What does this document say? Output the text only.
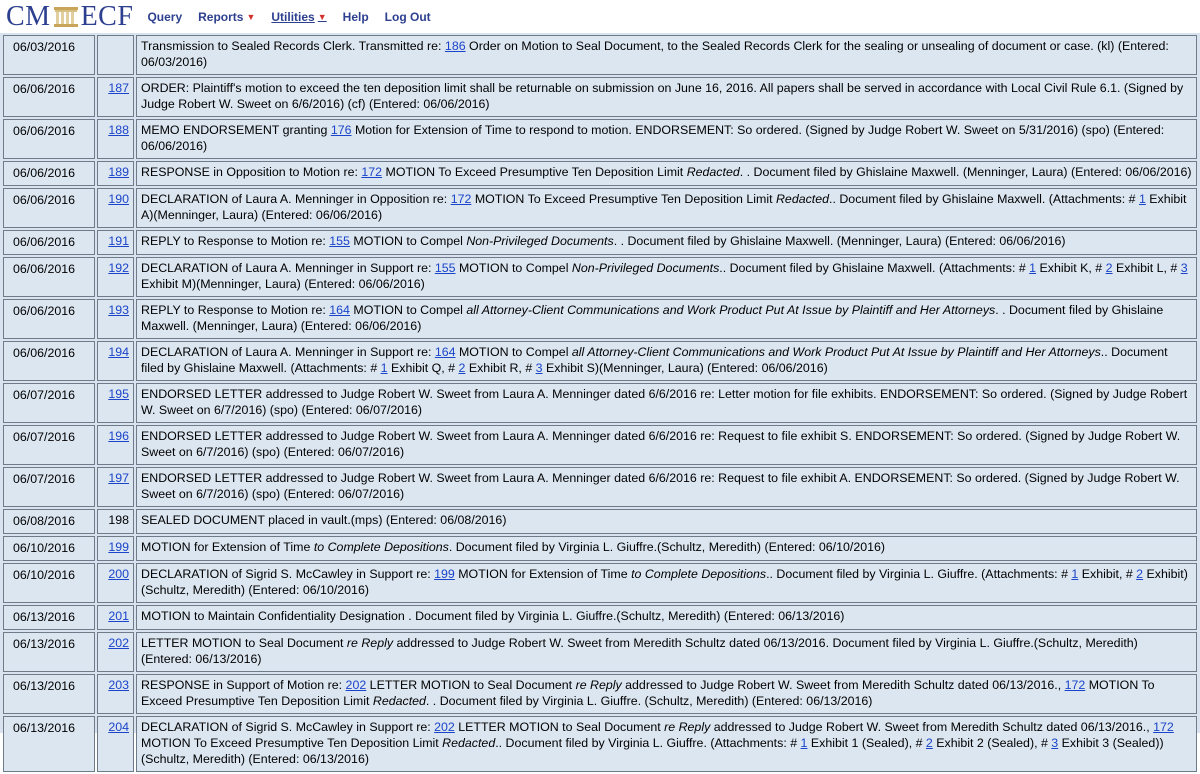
CM ECF Query Reports ▼ Utilities ▼ Help Log Out
06/03/2016		Transmission to Sealed Records Clerk. Transmitted re: 186 Order on Motion to Seal Document, to the Sealed Records Clerk for the sealing or unsealing of document or case. (kl) (Entered: 06/03/2016)
06/06/2016	187	ORDER: Plaintiff's motion to exceed the ten deposition limit shall be returnable on submission on June 16, 2016. All papers shall be served in accordance with Local Civil Rule 6.1. (Signed by Judge Robert W. Sweet on 6/6/2016) (cf) (Entered: 06/06/2016)
06/06/2016	188	MEMO ENDORSEMENT granting 176 Motion for Extension of Time to respond to motion. ENDORSEMENT: So ordered. (Signed by Judge Robert W. Sweet on 5/31/2016) (spo) (Entered: 06/06/2016)
06/06/2016	189	RESPONSE in Opposition to Motion re: 172 MOTION To Exceed Presumptive Ten Deposition Limit Redacted. . Document filed by Ghislaine Maxwell. (Menninger, Laura) (Entered: 06/06/2016)
06/06/2016	190	DECLARATION of Laura A. Menninger in Opposition re: 172 MOTION To Exceed Presumptive Ten Deposition Limit Redacted.. Document filed by Ghislaine Maxwell. (Attachments: # 1 Exhibit A)(Menninger, Laura) (Entered: 06/06/2016)
06/06/2016	191	REPLY to Response to Motion re: 155 MOTION to Compel Non-Privileged Documents. . Document filed by Ghislaine Maxwell. (Menninger, Laura) (Entered: 06/06/2016)
06/06/2016	192	DECLARATION of Laura A. Menninger in Support re: 155 MOTION to Compel Non-Privileged Documents.. Document filed by Ghislaine Maxwell. (Attachments: # 1 Exhibit K, # 2 Exhibit L, # 3 Exhibit M)(Menninger, Laura) (Entered: 06/06/2016)
06/06/2016	193	REPLY to Response to Motion re: 164 MOTION to Compel all Attorney-Client Communications and Work Product Put At Issue by Plaintiff and Her Attorneys. . Document filed by Ghislaine Maxwell. (Menninger, Laura) (Entered: 06/06/2016)
06/06/2016	194	DECLARATION of Laura A. Menninger in Support re: 164 MOTION to Compel all Attorney-Client Communications and Work Product Put At Issue by Plaintiff and Her Attorneys.. Document filed by Ghislaine Maxwell. (Attachments: # 1 Exhibit Q, # 2 Exhibit R, # 3 Exhibit S)(Menninger, Laura) (Entered: 06/06/2016)
06/07/2016	195	ENDORSED LETTER addressed to Judge Robert W. Sweet from Laura A. Menninger dated 6/6/2016 re: Letter motion for file exhibits. ENDORSEMENT: So ordered. (Signed by Judge Robert W. Sweet on 6/7/2016) (spo) (Entered: 06/07/2016)
06/07/2016	196	ENDORSED LETTER addressed to Judge Robert W. Sweet from Laura A. Menninger dated 6/6/2016 re: Request to file exhibit S. ENDORSEMENT: So ordered. (Signed by Judge Robert W. Sweet on 6/7/2016) (spo) (Entered: 06/07/2016)
06/07/2016	197	ENDORSED LETTER addressed to Judge Robert W. Sweet from Laura A. Menninger dated 6/6/2016 re: Request to file exhibit A. ENDORSEMENT: So ordered. (Signed by Judge Robert W. Sweet on 6/7/2016) (spo) (Entered: 06/07/2016)
06/08/2016	198	SEALED DOCUMENT placed in vault.(mps) (Entered: 06/08/2016)
06/10/2016	199	MOTION for Extension of Time to Complete Depositions. Document filed by Virginia L. Giuffre.(Schultz, Meredith) (Entered: 06/10/2016)
06/10/2016	200	DECLARATION of Sigrid S. McCawley in Support re: 199 MOTION for Extension of Time to Complete Depositions.. Document filed by Virginia L. Giuffre. (Attachments: # 1 Exhibit, # 2 Exhibit)(Schultz, Meredith) (Entered: 06/10/2016)
06/13/2016	201	MOTION to Maintain Confidentiality Designation . Document filed by Virginia L. Giuffre.(Schultz, Meredith) (Entered: 06/13/2016)
06/13/2016	202	LETTER MOTION to Seal Document re Reply addressed to Judge Robert W. Sweet from Meredith Schultz dated 06/13/2016. Document filed by Virginia L. Giuffre.(Schultz, Meredith) (Entered: 06/13/2016)
06/13/2016	203	RESPONSE in Support of Motion re: 202 LETTER MOTION to Seal Document re Reply addressed to Judge Robert W. Sweet from Meredith Schultz dated 06/13/2016., 172 MOTION To Exceed Presumptive Ten Deposition Limit Redacted. . Document filed by Virginia L. Giuffre. (Schultz, Meredith) (Entered: 06/13/2016)
06/13/2016	204	DECLARATION of Sigrid S. McCawley in Support re: 202 LETTER MOTION to Seal Document re Reply addressed to Judge Robert W. Sweet from Meredith Schultz dated 06/13/2016., 172 MOTION To Exceed Presumptive Ten Deposition Limit Redacted.. Document filed by Virginia L. Giuffre. (Attachments: # 1 Exhibit 1 (Sealed), # 2 Exhibit 2 (Sealed), # 3 Exhibit 3 (Sealed))(Schultz, Meredith) (Entered: 06/13/2016)
